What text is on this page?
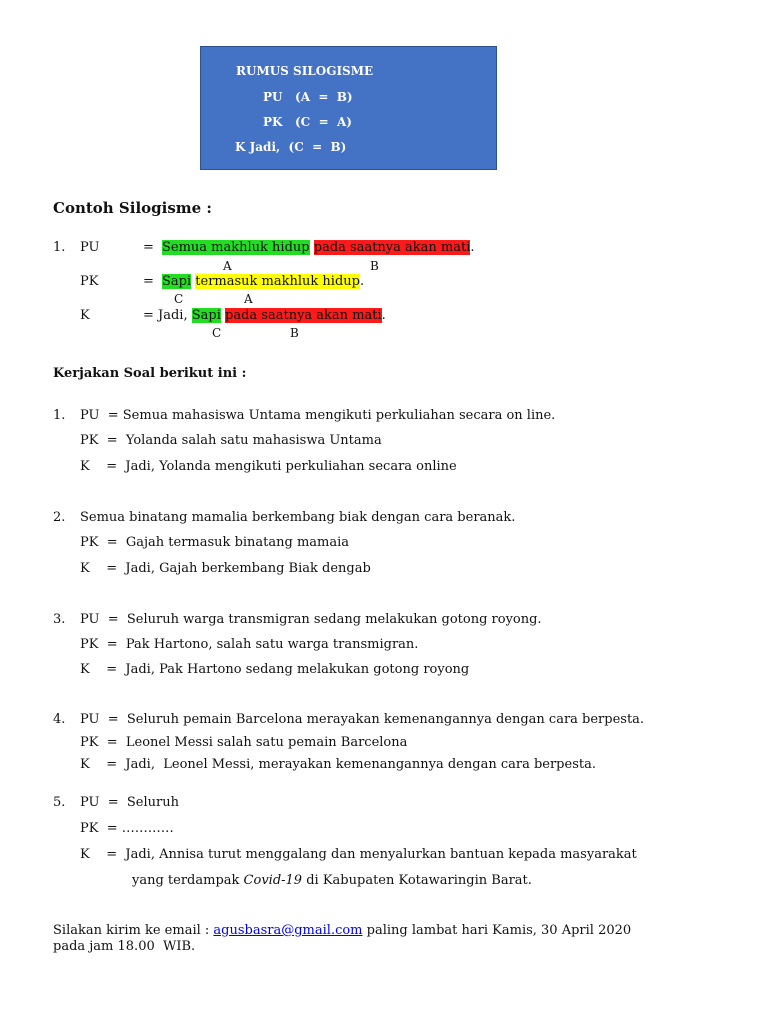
RUMUS SILOGISME
PU   (A  =  B)
PK   (C  =  A)
K Jadi,  (C  =  B)
Contoh Silogisme :
1. PU	= Semua makhluk hidup pada saatnya akan mati.
A	B
PK	= Sapi termasuk makhluk hidup.
C	A
K	= Jadi, Sapi pada saatnya akan mati.
C	B
Kerjakan Soal berikut ini :
1. PU  = Semua mahasiswa Untama mengikuti perkuliahan secara on line.
PK  =  Yolanda salah satu mahasiswa Untama
K    =  Jadi, Yolanda mengikuti perkuliahan secara online
2. Semua binatang mamalia berkembang biak dengan cara beranak.
PK  =  Gajah termasuk binatang mamaia
K    =  Jadi, Gajah berkembang Biak dengab
3. PU  =  Seluruh warga transmigran sedang melakukan gotong royong.
PK  =  Pak Hartono, salah satu warga transmigran.
K    =  Jadi, Pak Hartono sedang melakukan gotong royong
4. PU  =  Seluruh pemain Barcelona merayakan kemenangannya dengan cara berpesta.
PK  =  Leonel Messi salah satu pemain Barcelona
K    =  Jadi,  Leonel Messi, merayakan kemenangannya dengan cara berpesta.
5. PU  =  Seluruh
PK  = …………
K    =  Jadi, Annisa turut menggalang dan menyalurkan bantuan kepada masyarakat
yang terdampak Covid-19 di Kabupaten Kotawaringin Barat.
Silakan kirim ke email : agusbasra@gmail.com paling lambat hari Kamis, 30 April 2020
pada jam 18.00  WIB.
